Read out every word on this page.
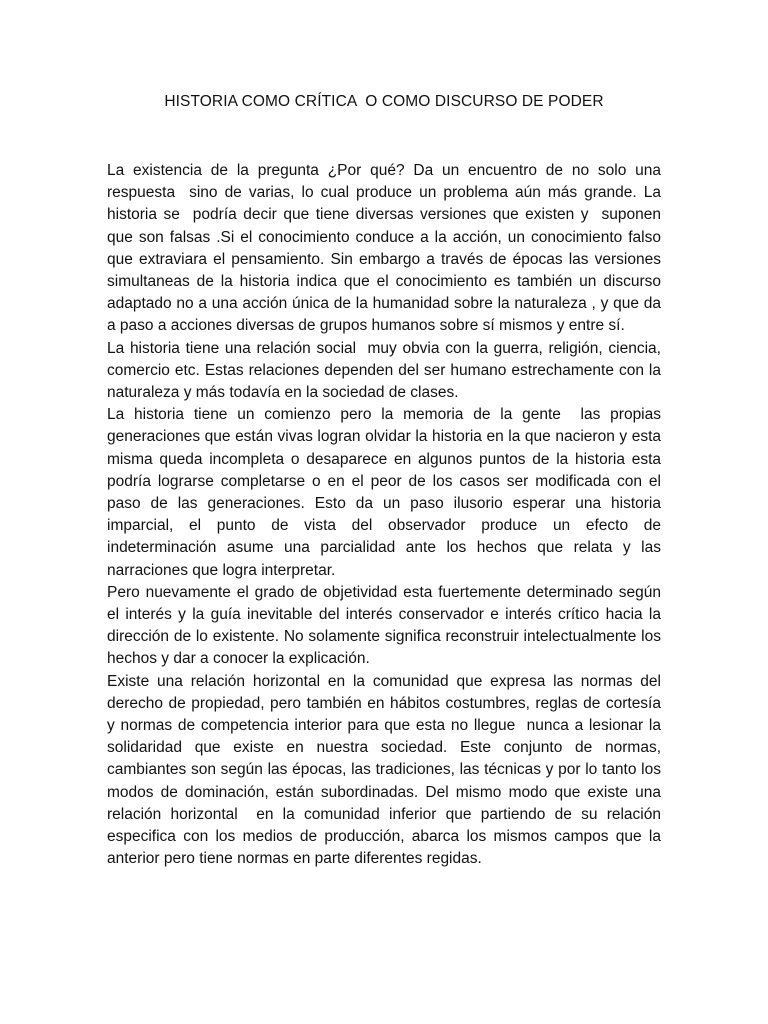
HISTORIA COMO CRÍTICA  O COMO DISCURSO DE PODER

La existencia de la pregunta ¿Por qué? Da un encuentro de no solo una respuesta  sino de varias, lo cual produce un problema aún más grande. La historia se  podría decir que tiene diversas versiones que existen y  suponen que son falsas .Si el conocimiento conduce a la acción, un conocimiento falso  que extraviara el pensamiento. Sin embargo a través de épocas las versiones simultaneas de la historia indica que el conocimiento es también un discurso adaptado no a una acción única de la humanidad sobre la naturaleza , y que da a paso a acciones diversas de grupos humanos sobre sí mismos y entre sí.

La historia tiene una relación social  muy obvia con la guerra, religión, ciencia, comercio etc. Estas relaciones dependen del ser humano estrechamente con la naturaleza y más todavía en la sociedad de clases.

La historia tiene un comienzo pero la memoria de la gente  las propias generaciones que están vivas logran olvidar la historia en la que nacieron y esta misma queda incompleta o desaparece en algunos puntos de la historia esta podría lograrse completarse o en el peor de los casos ser modificada con el paso de las generaciones. Esto da un paso ilusorio esperar una historia imparcial, el punto de vista del observador produce un efecto de indeterminación asume una parcialidad ante los hechos que relata y las narraciones que logra interpretar.

Pero nuevamente el grado de objetividad esta fuertemente determinado según el interés y la guía inevitable del interés conservador e interés crítico hacia la dirección de lo existente. No solamente significa reconstruir intelectualmente los hechos y dar a conocer la explicación.

Existe una relación horizontal en la comunidad que expresa las normas del derecho de propiedad, pero también en hábitos costumbres, reglas de cortesía y normas de competencia interior para que esta no llegue  nunca a lesionar la solidaridad que existe en nuestra sociedad. Este conjunto de normas, cambiantes son según las épocas, las tradiciones, las técnicas y por lo tanto los modos de dominación, están subordinadas. Del mismo modo que existe una relación horizontal  en la comunidad inferior que partiendo de su relación especifica con los medios de producción, abarca los mismos campos que la anterior pero tiene normas en parte diferentes regidas.
